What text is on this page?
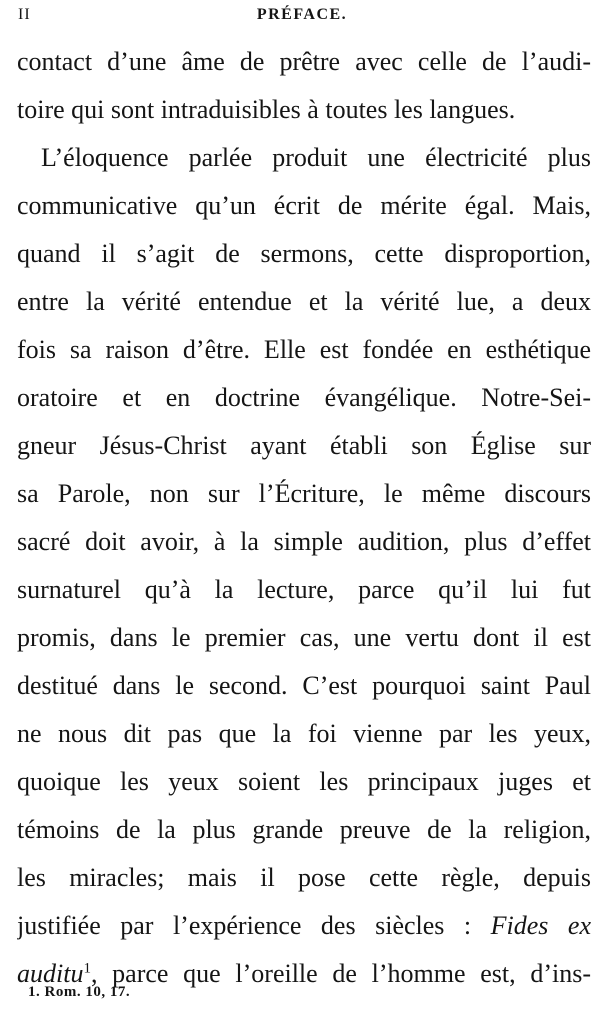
II	PRÉFACE.
contact d’une âme de prêtre avec celle de l’audi-
toire qui sont intraduisibles à toutes les langues.
L’éloquence parlée produit une électricité plus
communicative qu’un écrit de mérite égal. Mais,
quand il s’agit de sermons, cette disproportion,
entre la vérité entendue et la vérité lue, a deux
fois sa raison d’être. Elle est fondée en esthétique
oratoire et en doctrine évangélique. Notre-Sei-
gneur Jésus-Christ ayant établi son Église sur
sa Parole, non sur l’Écriture, le même discours
sacré doit avoir, à la simple audition, plus d’effet
surnaturel qu’à la lecture, parce qu’il lui fut
promis, dans le premier cas, une vertu dont il est
destitué dans le second. C’est pourquoi saint Paul
ne nous dit pas que la foi vienne par les yeux,
quoique les yeux soient les principaux juges et
témoins de la plus grande preuve de la religion,
les miracles; mais il pose cette règle, depuis
justifiée par l’expérience des siècles : Fides ex
auditu$^1$, parce que l’oreille de l’homme est, d’ins-
1. Rom. 10, 17.
